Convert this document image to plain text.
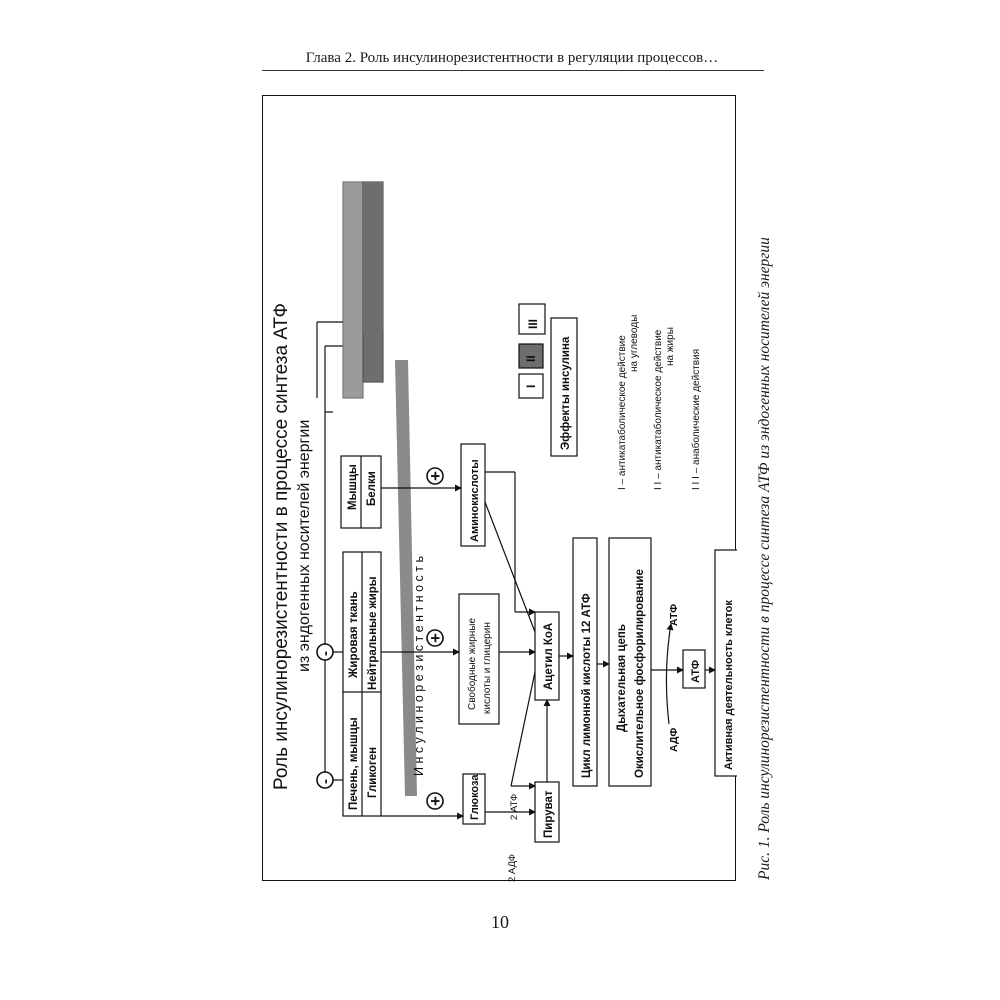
Глава 2. Роль инсулинорезистентности в регуляции процессов…
Роль инсулинорезистентности в процессе синтеза АТФ из эндогенных носителей энергии
Печень, мышцы Гликоген
Жировая ткань Нейтральные жиры
Мышцы Белки
-
-
+
+
+
И н с у л и н о р е з и с т е н т н о с т ь
Глюкоза
Свободные жирные кислоты и глицерин
Аминокислоты
Пируват
Ацетил КоА
2 АДФ
2 АТФ
Цикл лимонной кислоты 12 АТФ Дыхательная цепь Окислительное фосфорилирование АДФ
АТФ
АТФ Активная деятельность клеток
I
II
III
Эффекты инсулина	I – антикатаболическое действие на углеводы I I – антикатаболическое действие на жиры
I I I – анаболические действия	Рис. 1. Роль инсулинорезистентности в процессе синтеза АТФ из эндогенных носителей энергии
10
